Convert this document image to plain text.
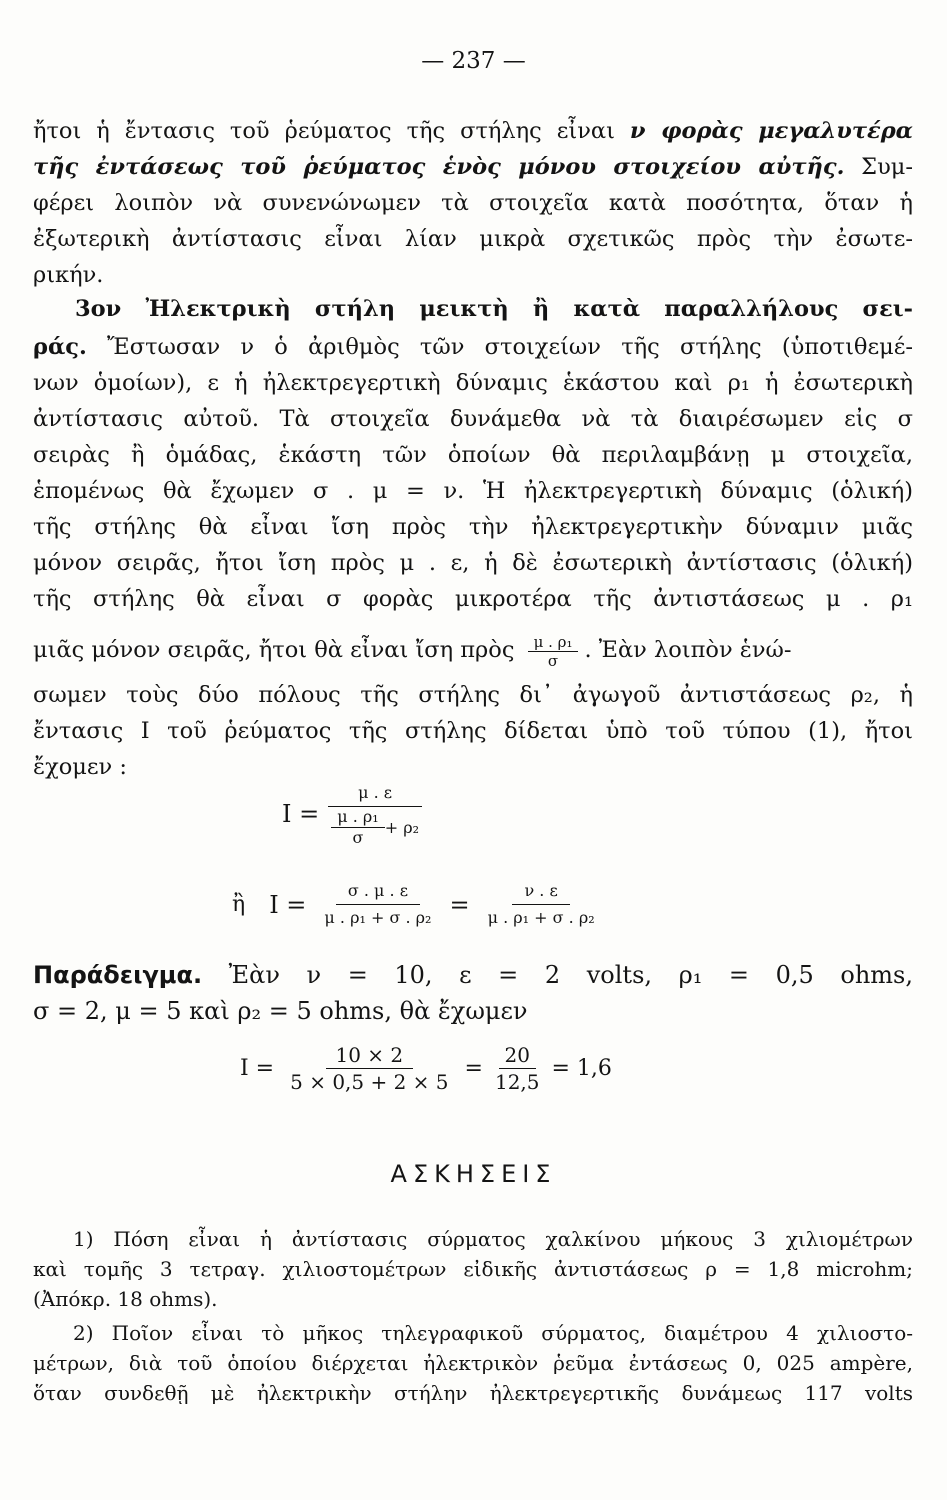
— 237 —
ἤτοι ἡ ἔντασις τοῦ ῥεύματος τῆς στήλης εἶναι ν φορὰς μεγαλυτέρα
τῆς ἐντάσεως τοῦ ῥεύματος ἑνὸς μόνου στοιχείου αὐτῆς. Συμ-
φέρει λοιπὸν νὰ συνενώνωμεν τὰ στοιχεῖα κατὰ ποσότητα, ὅταν ἡ
ἐξωτερικὴ ἀντίστασις εἶναι λίαν μικρὰ σχετικῶς πρὸς τὴν ἐσωτε-
ρικήν.
3ον Ἠλεκτρικὴ στήλη μεικτὴ ἢ κατὰ παραλλήλους σει-
ράς. Ἔστωσαν ν ὁ ἀριθμὸς τῶν στοιχείων τῆς στήλης (ὑποτιθεμέ-
νων ὁμοίων), ε ἡ ἠλεκτρεγερτικὴ δύναμις ἑκάστου καὶ ρ₁ ἡ ἐσωτερικὴ
ἀντίστασις αὐτοῦ. Τὰ στοιχεῖα δυνάμεθα νὰ τὰ διαιρέσωμεν εἰς σ
σειρὰς ἢ ὁμάδας, ἑκάστη τῶν ὁποίων θὰ περιλαμβάνῃ μ στοιχεῖα,
ἑπομένως θὰ ἔχωμεν σ . μ = ν. Ἡ ἠλεκτρεγερτικὴ δύναμις (ὁλική)
τῆς στήλης θὰ εἶναι ἴση πρὸς τὴν ἠλεκτρεγερτικὴν δύναμιν μιᾶς
μόνον σειρᾶς, ἤτοι ἴση πρὸς μ . ε, ἡ δὲ ἐσωτερικὴ ἀντίστασις (ὁλική)
τῆς στήλης θὰ εἶναι σ φορὰς μικροτέρα τῆς ἀντιστάσεως μ . ρ₁
μιᾶς μόνον σειρᾶς, ἤτοι θὰ εἶναι ἴση πρὸς $\frac{\text{μ . ρ₁}}{\sigma}$ . Ἐὰν λοιπὸν ἑνώ-
σωμεν τοὺς δύο πόλους τῆς στήλης δι᾽ ἀγωγοῦ ἀντιστάσεως ρ₂, ἡ
ἔντασις Ι τοῦ ῥεύματος τῆς στήλης δίδεται ὑπὸ τοῦ τύπου (1), ἤτοι
ἔχομεν :
$I = \frac{\mu . \varepsilon}{\frac{\text{μ . ρ₁}}{\sigma} + \rho_2}$
ἢ $I = \frac{\sigma . \mu . \varepsilon}{\text{μ . ρ₁ + σ . ρ₂}} = \frac{\nu . \varepsilon}{\text{μ . ρ₁ + σ . ρ₂}}$
Παράδειγμα. Ἐὰν ν = 10, ε = 2 volts, ρ₁ = 0,5 ohms,
σ = 2, μ = 5 καὶ ρ₂ = 5 ohms, θὰ ἔχωμεν
$I = \frac{10 \times 2}{5 \times 0,5 + 2 \times 5} = \frac{20}{12,5} = 1,6$
ΑΣΚΗΣΕΙΣ
1) Πόση εἶναι ἡ ἀντίστασις σύρματος χαλκίνου μήκους 3 χιλιομέτρων
καὶ τομῆς 3 τετραγ. χιλιοστομέτρων εἰδικῆς ἀντιστάσεως ρ = 1,8 microhm;
(Ἀπόκρ. 18 ohms).
2) Ποῖον εἶναι τὸ μῆκος τηλεγραφικοῦ σύρματος, διαμέτρου 4 χιλιοστο-
μέτρων, διὰ τοῦ ὁποίου διέρχεται ἠλεκτρικὸν ῥεῦμα ἐντάσεως 0, 025 ampère,
ὅταν συνδεθῇ μὲ ἠλεκτρικὴν στήλην ἠλεκτρεγερτικῆς δυνάμεως 117 volts
